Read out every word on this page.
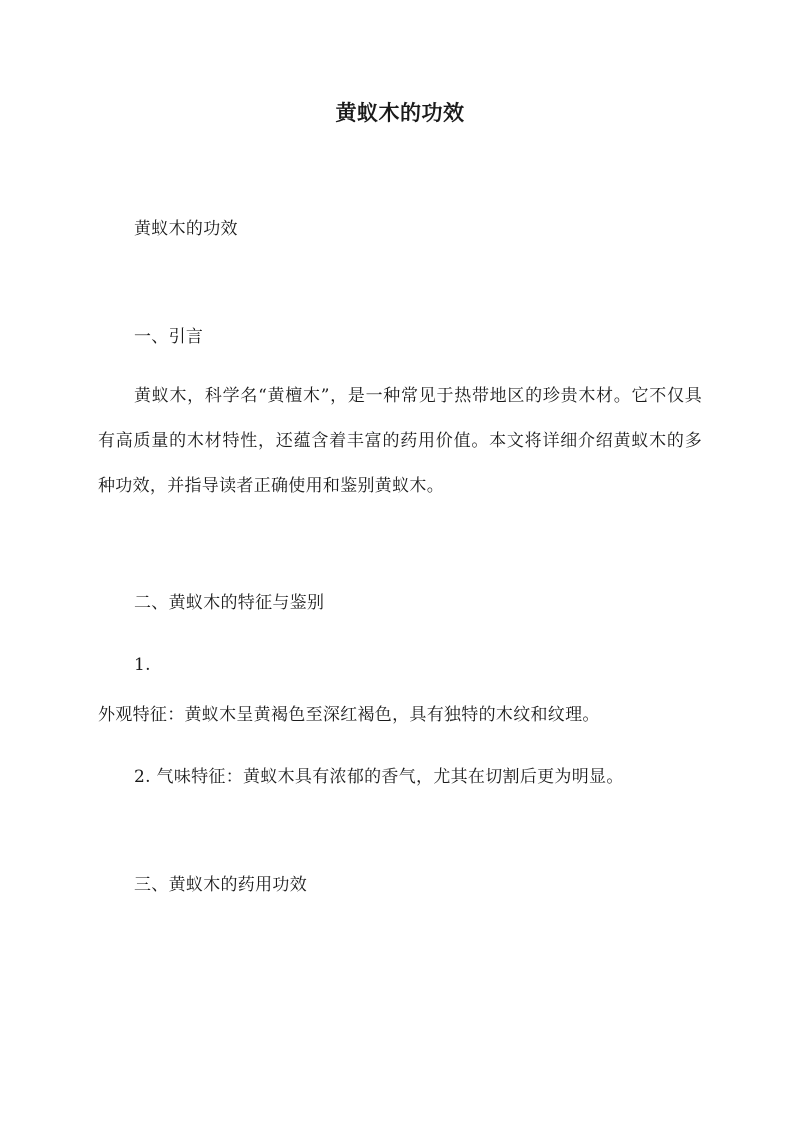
黄蚁木的功效
黄蚁木的功效
一、引言
黄蚁木，科学名“黄檀木”，是一种常见于热带地区的珍贵木材。它不仅具有高质量的木材特性，还蕴含着丰富的药用价值。本文将详细介绍黄蚁木的多种功效，并指导读者正确使用和鉴别黄蚁木。
二、黄蚁木的特征与鉴别
1.
外观特征：黄蚁木呈黄褐色至深红褐色，具有独特的木纹和纹理。
2. 气味特征：黄蚁木具有浓郁的香气，尤其在切割后更为明显。
三、黄蚁木的药用功效
